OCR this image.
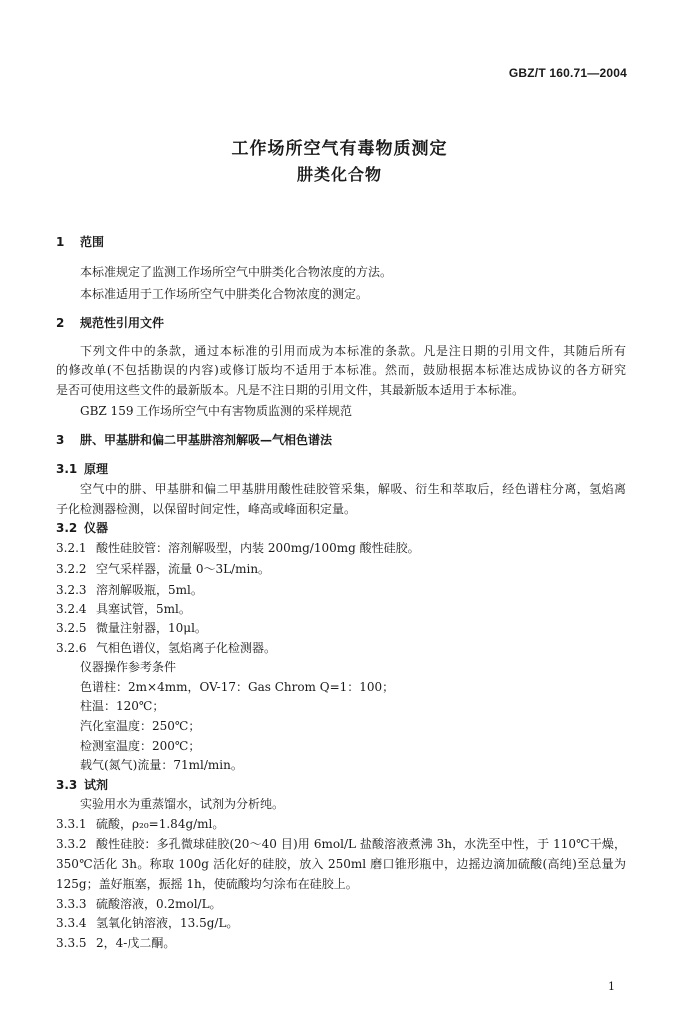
GBZ/T 160.71—2004
工作场所空气有毒物质测定
肼类化合物
1 范围
本标准规定了监测工作场所空气中肼类化合物浓度的方法。
本标准适用于工作场所空气中肼类化合物浓度的测定。
2 规范性引用文件
下列文件中的条款，通过本标准的引用而成为本标准的条款。凡是注日期的引用文件，其随后所有
的修改单(不包括勘误的内容)或修订版均不适用于本标准。然而，鼓励根据本标准达成协议的各方研究
是否可使用这些文件的最新版本。凡是不注日期的引用文件，其最新版本适用于本标准。
GBZ 159 工作场所空气中有害物质监测的采样规范
3 肼、甲基肼和偏二甲基肼溶剂解吸—气相色谱法
3.1 原理
空气中的肼、甲基肼和偏二甲基肼用酸性硅胶管采集，解吸、衍生和萃取后，经色谱柱分离，氢焰离
子化检测器检测，以保留时间定性，峰高或峰面积定量。
3.2 仪器
3.2.1 酸性硅胶管：溶剂解吸型，内装 200mg/100mg 酸性硅胶。
3.2.2 空气采样器，流量 0～3L/min。
3.2.3 溶剂解吸瓶，5ml。
3.2.4 具塞试管，5ml。
3.2.5 微量注射器，10μl。
3.2.6 气相色谱仪，氢焰离子化检测器。
仪器操作参考条件
色谱柱：2m×4mm，OV-17：Gas Chrom Q=1：100；
柱温：120℃；
汽化室温度：250℃；
检测室温度：200℃；
载气(氮气)流量：71ml/min。
3.3 试剂
实验用水为重蒸馏水，试剂为分析纯。
3.3.1 硫酸，ρ₂₀=1.84g/ml。
3.3.2 酸性硅胶：多孔微球硅胶(20～40 目)用 6mol/L 盐酸溶液煮沸 3h，水洗至中性，于 110℃干燥，
350℃活化 3h。称取 100g 活化好的硅胶，放入 250ml 磨口锥形瓶中，边摇边滴加硫酸(高纯)至总量为
125g；盖好瓶塞，振摇 1h，使硫酸均匀涂布在硅胶上。
3.3.3 硫酸溶液，0.2mol/L。
3.3.4 氢氧化钠溶液，13.5g/L。
3.3.5 2，4-戊二酮。
1
